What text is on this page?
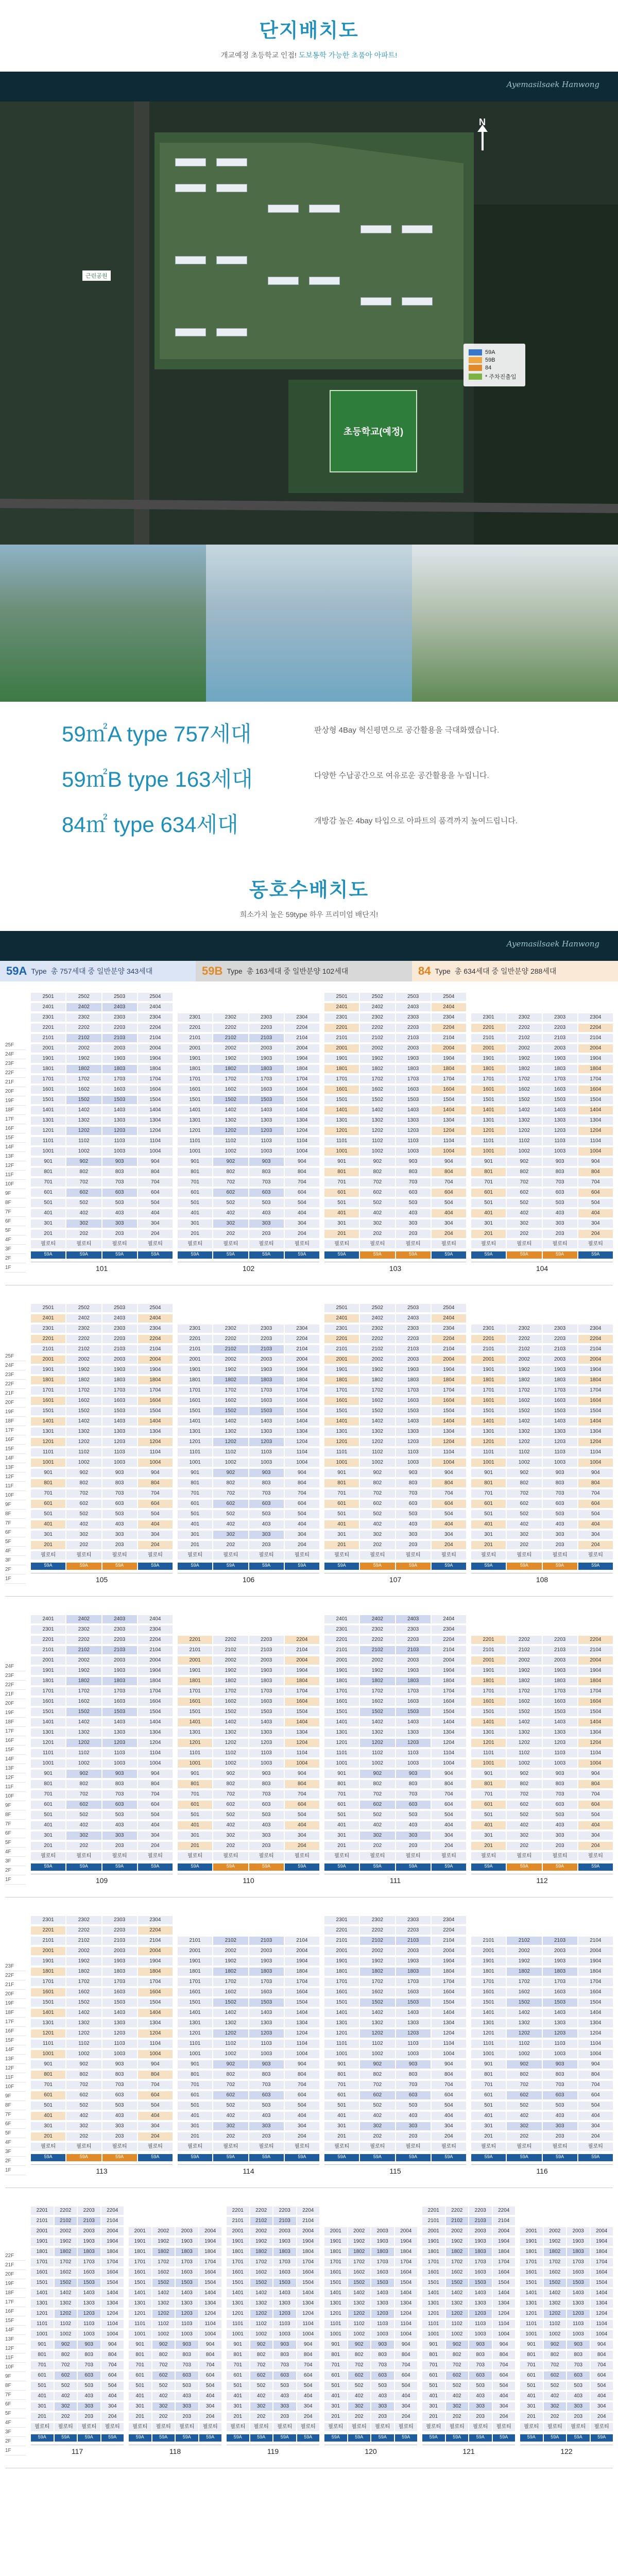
단지배치도

개교예정 초등학교 인접! 도보통학 가능한 초품아 아파트!

Ayemasilsaek Hanwong
근린공원
N
초등학교(예정)
59A
59B
84
* 주차진출입
59㎡A type 757세대	판상형 4Bay 혁신평면으로 공간활용을 극대화했습니다.
59㎡B type 163세대	다양한 수납공간으로 여유로운 공간활용을 누립니다.
84㎡ type 634세대	개방감 높은 4bay 타입으로 아파트의 품격까지 높여드립니다.
동호수배치도

희소가치 높은 59type 하우 프리미엄 배단지!

Ayemasilsaek Hanwong
59A Type 총 757세대 중 일반분양 343세대	59B Type 총 163세대 중 일반분양 102세대	84 Type 총 634세대 중 일반분양 288세대
25F
24F
23F
22F
21F
20F
19F
18F
17F
16F
15F
14F
13F
12F
11F
10F
9F
8F
7F
6F
5F
4F
3F
2F
1F
2501	2502	2503	2504
2401	2402	2403	2404
2301	2302	2303	2304
2201	2202	2203	2204
2101	2102	2103	2104
2001	2002	2003	2004
1901	1902	1903	1904
1801	1802	1803	1804
1701	1702	1703	1704
1601	1602	1603	1604
1501	1502	1503	1504
1401	1402	1403	1404
1301	1302	1303	1304
1201	1202	1203	1204
1101	1102	1103	1104
1001	1002	1003	1004
901	902	903	904
801	802	803	804
701	702	703	704
601	602	603	604
501	502	503	504
401	402	403	404
301	302	303	304
201	202	203	204
필로티	필로티	필로티	필로티
59A	59A	59A	59A
101
2301	2302	2303	2304
2201	2202	2203	2204
2101	2102	2103	2104
2001	2002	2003	2004
1901	1902	1903	1904
1801	1802	1803	1804
1701	1702	1703	1704
1601	1602	1603	1604
1501	1502	1503	1504
1401	1402	1403	1404
1301	1302	1303	1304
1201	1202	1203	1204
1101	1102	1103	1104
1001	1002	1003	1004
901	902	903	904
801	802	803	804
701	702	703	704
601	602	603	604
501	502	503	504
401	402	403	404
301	302	303	304
201	202	203	204
필로티	필로티	필로티	필로티
59A	59A	59A	59A
102
2501	2502	2503	2504
2401	2402	2403	2404
2301	2302	2303	2304
2201	2202	2203	2204
2101	2102	2103	2104
2001	2002	2003	2004
1901	1902	1903	1904
1801	1802	1803	1804
1701	1702	1703	1704
1601	1602	1603	1604
1501	1502	1503	1504
1401	1402	1403	1404
1301	1302	1303	1304
1201	1202	1203	1204
1101	1102	1103	1104
1001	1002	1003	1004
901	902	903	904
801	802	803	804
701	702	703	704
601	602	603	604
501	502	503	504
401	402	403	404
301	302	303	304
201	202	203	204
필로티	필로티	필로티	필로티
59A	59A	59A	59A
103
2301	2302	2303	2304
2201	2202	2203	2204
2101	2102	2103	2104
2001	2002	2003	2004
1901	1902	1903	1904
1801	1802	1803	1804
1701	1702	1703	1704
1601	1602	1603	1604
1501	1502	1503	1504
1401	1402	1403	1404
1301	1302	1303	1304
1201	1202	1203	1204
1101	1102	1103	1104
1001	1002	1003	1004
901	902	903	904
801	802	803	804
701	702	703	704
601	602	603	604
501	502	503	504
401	402	403	404
301	302	303	304
201	202	203	204
필로티	필로티	필로티	필로티
59A	59A	59A	59A
104
25F
24F
23F
22F
21F
20F
19F
18F
17F
16F
15F
14F
13F
12F
11F
10F
9F
8F
7F
6F
5F
4F
3F
2F
1F
2501	2502	2503	2504
2401	2402	2403	2404
2301	2302	2303	2304
2201	2202	2203	2204
2101	2102	2103	2104
2001	2002	2003	2004
1901	1902	1903	1904
1801	1802	1803	1804
1701	1702	1703	1704
1601	1602	1603	1604
1501	1502	1503	1504
1401	1402	1403	1404
1301	1302	1303	1304
1201	1202	1203	1204
1101	1102	1103	1104
1001	1002	1003	1004
901	902	903	904
801	802	803	804
701	702	703	704
601	602	603	604
501	502	503	504
401	402	403	404
301	302	303	304
201	202	203	204
필로티	필로티	필로티	필로티
59A	59A	59A	59A
105
2301	2302	2303	2304
2201	2202	2203	2204
2101	2102	2103	2104
2001	2002	2003	2004
1901	1902	1903	1904
1801	1802	1803	1804
1701	1702	1703	1704
1601	1602	1603	1604
1501	1502	1503	1504
1401	1402	1403	1404
1301	1302	1303	1304
1201	1202	1203	1204
1101	1102	1103	1104
1001	1002	1003	1004
901	902	903	904
801	802	803	804
701	702	703	704
601	602	603	604
501	502	503	504
401	402	403	404
301	302	303	304
201	202	203	204
필로티	필로티	필로티	필로티
59A	59A	59A	59A
106
2501	2502	2503	2504
2401	2402	2403	2404
2301	2302	2303	2304
2201	2202	2203	2204
2101	2102	2103	2104
2001	2002	2003	2004
1901	1902	1903	1904
1801	1802	1803	1804
1701	1702	1703	1704
1601	1602	1603	1604
1501	1502	1503	1504
1401	1402	1403	1404
1301	1302	1303	1304
1201	1202	1203	1204
1101	1102	1103	1104
1001	1002	1003	1004
901	902	903	904
801	802	803	804
701	702	703	704
601	602	603	604
501	502	503	504
401	402	403	404
301	302	303	304
201	202	203	204
필로티	필로티	필로티	필로티
59A	59A	59A	59A
107
2301	2302	2303	2304
2201	2202	2203	2204
2101	2102	2103	2104
2001	2002	2003	2004
1901	1902	1903	1904
1801	1802	1803	1804
1701	1702	1703	1704
1601	1602	1603	1604
1501	1502	1503	1504
1401	1402	1403	1404
1301	1302	1303	1304
1201	1202	1203	1204
1101	1102	1103	1104
1001	1002	1003	1004
901	902	903	904
801	802	803	804
701	702	703	704
601	602	603	604
501	502	503	504
401	402	403	404
301	302	303	304
201	202	203	204
필로티	필로티	필로티	필로티
59A	59A	59A	59A
108
24F
23F
22F
21F
20F
19F
18F
17F
16F
15F
14F
13F
12F
11F
10F
9F
8F
7F
6F
5F
4F
3F
2F
1F
2401	2402	2403	2404
2301	2302	2303	2304
2201	2202	2203	2204
2101	2102	2103	2104
2001	2002	2003	2004
1901	1902	1903	1904
1801	1802	1803	1804
1701	1702	1703	1704
1601	1602	1603	1604
1501	1502	1503	1504
1401	1402	1403	1404
1301	1302	1303	1304
1201	1202	1203	1204
1101	1102	1103	1104
1001	1002	1003	1004
901	902	903	904
801	802	803	804
701	702	703	704
601	602	603	604
501	502	503	504
401	402	403	404
301	302	303	304
201	202	203	204
필로티	필로티	필로티	필로티
59A	59A	59A	59A
109
2201	2202	2203	2204
2101	2102	2103	2104
2001	2002	2003	2004
1901	1902	1903	1904
1801	1802	1803	1804
1701	1702	1703	1704
1601	1602	1603	1604
1501	1502	1503	1504
1401	1402	1403	1404
1301	1302	1303	1304
1201	1202	1203	1204
1101	1102	1103	1104
1001	1002	1003	1004
901	902	903	904
801	802	803	804
701	702	703	704
601	602	603	604
501	502	503	504
401	402	403	404
301	302	303	304
201	202	203	204
필로티	필로티	필로티	필로티
59A	59A	59A	59A
110
2401	2402	2403	2404
2301	2302	2303	2304
2201	2202	2203	2204
2101	2102	2103	2104
2001	2002	2003	2004
1901	1902	1903	1904
1801	1802	1803	1804
1701	1702	1703	1704
1601	1602	1603	1604
1501	1502	1503	1504
1401	1402	1403	1404
1301	1302	1303	1304
1201	1202	1203	1204
1101	1102	1103	1104
1001	1002	1003	1004
901	902	903	904
801	802	803	804
701	702	703	704
601	602	603	604
501	502	503	504
401	402	403	404
301	302	303	304
201	202	203	204
필로티	필로티	필로티	필로티
59A	59A	59A	59A
111
2201	2202	2203	2204
2101	2102	2103	2104
2001	2002	2003	2004
1901	1902	1903	1904
1801	1802	1803	1804
1701	1702	1703	1704
1601	1602	1603	1604
1501	1502	1503	1504
1401	1402	1403	1404
1301	1302	1303	1304
1201	1202	1203	1204
1101	1102	1103	1104
1001	1002	1003	1004
901	902	903	904
801	802	803	804
701	702	703	704
601	602	603	604
501	502	503	504
401	402	403	404
301	302	303	304
201	202	203	204
필로티	필로티	필로티	필로티
59A	59A	59A	59A
112
23F
22F
21F
20F
19F
18F
17F
16F
15F
14F
13F
12F
11F
10F
9F
8F
7F
6F
5F
4F
3F
2F
1F
2301	2302	2303	2304
2201	2202	2203	2204
2101	2102	2103	2104
2001	2002	2003	2004
1901	1902	1903	1904
1801	1802	1803	1804
1701	1702	1703	1704
1601	1602	1603	1604
1501	1502	1503	1504
1401	1402	1403	1404
1301	1302	1303	1304
1201	1202	1203	1204
1101	1102	1103	1104
1001	1002	1003	1004
901	902	903	904
801	802	803	804
701	702	703	704
601	602	603	604
501	502	503	504
401	402	403	404
301	302	303	304
201	202	203	204
필로티	필로티	필로티	필로티
59A	59A	59A	59A
113
2101	2102	2103	2104
2001	2002	2003	2004
1901	1902	1903	1904
1801	1802	1803	1804
1701	1702	1703	1704
1601	1602	1603	1604
1501	1502	1503	1504
1401	1402	1403	1404
1301	1302	1303	1304
1201	1202	1203	1204
1101	1102	1103	1104
1001	1002	1003	1004
901	902	903	904
801	802	803	804
701	702	703	704
601	602	603	604
501	502	503	504
401	402	403	404
301	302	303	304
201	202	203	204
필로티	필로티	필로티	필로티
59A	59A	59A	59A
114
2301	2302	2303	2304
2201	2202	2203	2204
2101	2102	2103	2104
2001	2002	2003	2004
1901	1902	1903	1904
1801	1802	1803	1804
1701	1702	1703	1704
1601	1602	1603	1604
1501	1502	1503	1504
1401	1402	1403	1404
1301	1302	1303	1304
1201	1202	1203	1204
1101	1102	1103	1104
1001	1002	1003	1004
901	902	903	904
801	802	803	804
701	702	703	704
601	602	603	604
501	502	503	504
401	402	403	404
301	302	303	304
201	202	203	204
필로티	필로티	필로티	필로티
59A	59A	59A	59A
115
2101	2102	2103	2104
2001	2002	2003	2004
1901	1902	1903	1904
1801	1802	1803	1804
1701	1702	1703	1704
1601	1602	1603	1604
1501	1502	1503	1504
1401	1402	1403	1404
1301	1302	1303	1304
1201	1202	1203	1204
1101	1102	1103	1104
1001	1002	1003	1004
901	902	903	904
801	802	803	804
701	702	703	704
601	602	603	604
501	502	503	504
401	402	403	404
301	302	303	304
201	202	203	204
필로티	필로티	필로티	필로티
59A	59A	59A	59A
116
22F
21F
20F
19F
18F
17F
16F
15F
14F
13F
12F
11F
10F
9F
8F
7F
6F
5F
4F
3F
2F
1F
2201	2202	2203	2204
2101	2102	2103	2104
2001	2002	2003	2004
1901	1902	1903	1904
1801	1802	1803	1804
1701	1702	1703	1704
1601	1602	1603	1604
1501	1502	1503	1504
1401	1402	1403	1404
1301	1302	1303	1304
1201	1202	1203	1204
1101	1102	1103	1104
1001	1002	1003	1004
901	902	903	904
801	802	803	804
701	702	703	704
601	602	603	604
501	502	503	504
401	402	403	404
301	302	303	304
201	202	203	204
필로티	필로티	필로티	필로티
59A	59A	59A	59A
117
2001	2002	2003	2004
1901	1902	1903	1904
1801	1802	1803	1804
1701	1702	1703	1704
1601	1602	1603	1604
1501	1502	1503	1504
1401	1402	1403	1404
1301	1302	1303	1304
1201	1202	1203	1204
1101	1102	1103	1104
1001	1002	1003	1004
901	902	903	904
801	802	803	804
701	702	703	704
601	602	603	604
501	502	503	504
401	402	403	404
301	302	303	304
201	202	203	204
필로티	필로티	필로티	필로티
59A	59A	59A	59A
118
2201	2202	2203	2204
2101	2102	2103	2104
2001	2002	2003	2004
1901	1902	1903	1904
1801	1802	1803	1804
1701	1702	1703	1704
1601	1602	1603	1604
1501	1502	1503	1504
1401	1402	1403	1404
1301	1302	1303	1304
1201	1202	1203	1204
1101	1102	1103	1104
1001	1002	1003	1004
901	902	903	904
801	802	803	804
701	702	703	704
601	602	603	604
501	502	503	504
401	402	403	404
301	302	303	304
201	202	203	204
필로티	필로티	필로티	필로티
59A	59A	59A	59A
119
2001	2002	2003	2004
1901	1902	1903	1904
1801	1802	1803	1804
1701	1702	1703	1704
1601	1602	1603	1604
1501	1502	1503	1504
1401	1402	1403	1404
1301	1302	1303	1304
1201	1202	1203	1204
1101	1102	1103	1104
1001	1002	1003	1004
901	902	903	904
801	802	803	804
701	702	703	704
601	602	603	604
501	502	503	504
401	402	403	404
301	302	303	304
201	202	203	204
필로티	필로티	필로티	필로티
59A	59A	59A	59A
120
2201	2202	2203	2204
2101	2102	2103	2104
2001	2002	2003	2004
1901	1902	1903	1904
1801	1802	1803	1804
1701	1702	1703	1704
1601	1602	1603	1604
1501	1502	1503	1504
1401	1402	1403	1404
1301	1302	1303	1304
1201	1202	1203	1204
1101	1102	1103	1104
1001	1002	1003	1004
901	902	903	904
801	802	803	804
701	702	703	704
601	602	603	604
501	502	503	504
401	402	403	404
301	302	303	304
201	202	203	204
필로티	필로티	필로티	필로티
59A	59A	59A	59A
121
2001	2002	2003	2004
1901	1902	1903	1904
1801	1802	1803	1804
1701	1702	1703	1704
1601	1602	1603	1604
1501	1502	1503	1504
1401	1402	1403	1404
1301	1302	1303	1304
1201	1202	1203	1204
1101	1102	1103	1104
1001	1002	1003	1004
901	902	903	904
801	802	803	804
701	702	703	704
601	602	603	604
501	502	503	504
401	402	403	404
301	302	303	304
201	202	203	204
필로티	필로티	필로티	필로티
59A	59A	59A	59A
122
